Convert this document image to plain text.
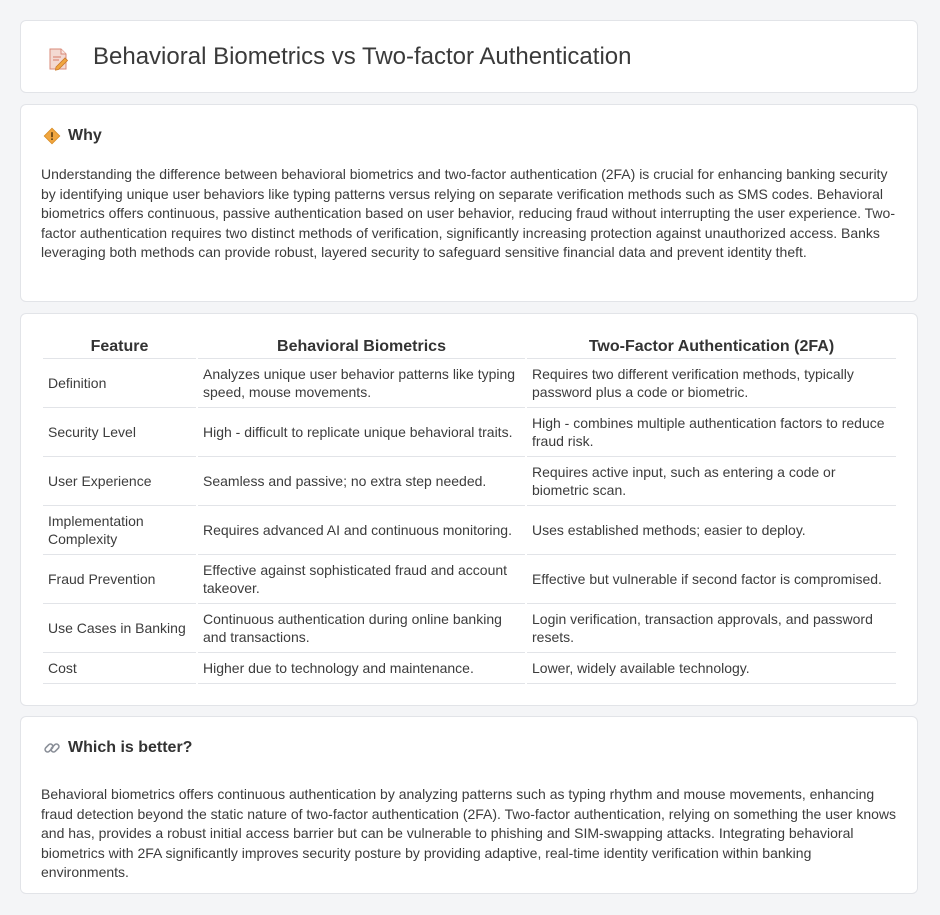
Behavioral Biometrics vs Two-factor Authentication
Why

Understanding the difference between behavioral biometrics and two-factor authentication (2FA) is crucial for enhancing banking security by identifying unique user behaviors like typing patterns versus relying on separate verification methods such as SMS codes. Behavioral biometrics offers continuous, passive authentication based on user behavior, reducing fraud without interrupting the user experience. Two-factor authentication requires two distinct methods of verification, significantly increasing protection against unauthorized access. Banks leveraging both methods can provide robust, layered security to safeguard sensitive financial data and prevent identity theft.

Feature	Behavioral Biometrics	Two-Factor Authentication (2FA)
Definition	Analyzes unique user behavior patterns like typing speed, mouse movements.	Requires two different verification methods, typically password plus a code or biometric.
Security Level	High - difficult to replicate unique behavioral traits.	High - combines multiple authentication factors to reduce fraud risk.
User Experience	Seamless and passive; no extra step needed.	Requires active input, such as entering a code or biometric scan.
Implementation Complexity	Requires advanced AI and continuous monitoring.	Uses established methods; easier to deploy.
Fraud Prevention	Effective against sophisticated fraud and account takeover.	Effective but vulnerable if second factor is compromised.
Use Cases in Banking	Continuous authentication during online banking and transactions.	Login verification, transaction approvals, and password resets.
Cost	Higher due to technology and maintenance.	Lower, widely available technology.
Which is better?

Behavioral biometrics offers continuous authentication by analyzing patterns such as typing rhythm and mouse movements, enhancing fraud detection beyond the static nature of two-factor authentication (2FA). Two-factor authentication, relying on something the user knows and has, provides a robust initial access barrier but can be vulnerable to phishing and SIM-swapping attacks. Integrating behavioral biometrics with 2FA significantly improves security posture by providing adaptive, real-time identity verification within banking environments.
